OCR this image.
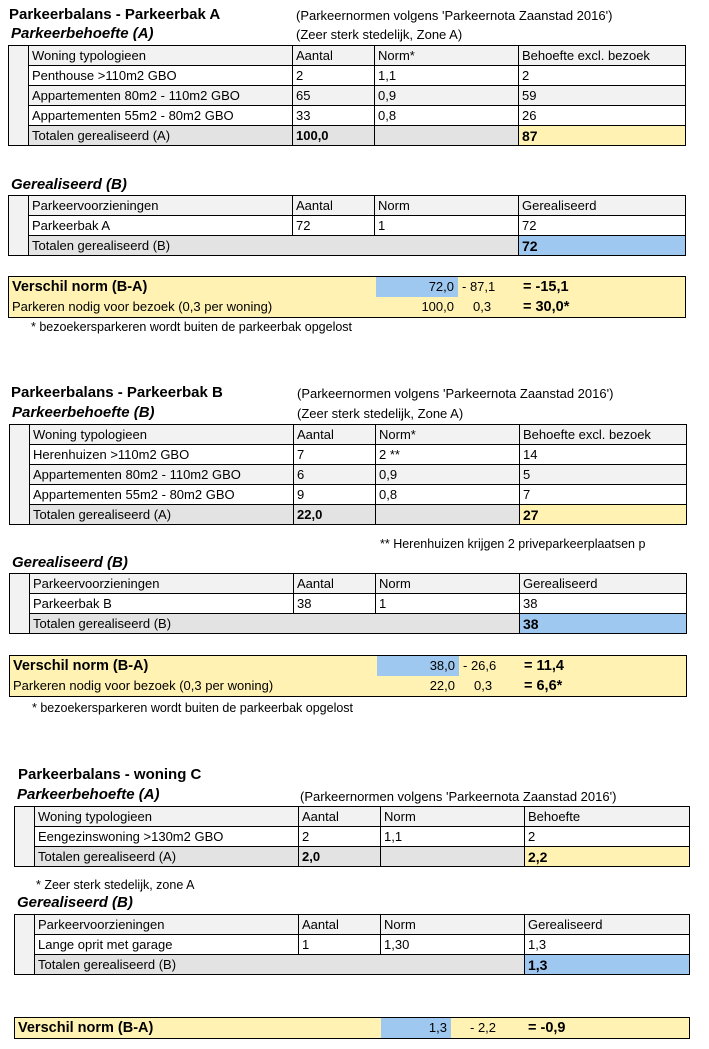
Parkeerbalans - Parkeerbak A	(Parkeernormen volgens 'Parkeernota Zaanstad 2016')
Parkeerbehoefte (A)	(Zeer sterk stedelijk, Zone A)
	Woning typologieen	Aantal	Norm*	Behoefte excl. bezoek
	Penthouse >110m2 GBO	2	1,1	2
	Appartementen 80m2 - 110m2 GBO	65	0,9	59
	Appartementen 55m2 - 80m2 GBO	33	0,8	26
	Totalen gerealiseerd (A)	100,0		87
Gerealiseerd (B)
	Parkeervoorzieningen	Aantal	Norm	Gerealiseerd
	Parkeerbak A	72	1	72
	Totalen gerealiseerd (B)			72
Verschil norm (B-A)	72,0 - 87,1 = -15,1
Parkeren nodig voor bezoek (0,3 per woning)	100,0	0,3 = 30,0*
* bezoekersparkeren wordt buiten de parkeerbak opgelost
Parkeerbalans - Parkeerbak B	(Parkeernormen volgens 'Parkeernota Zaanstad 2016')
Parkeerbehoefte (B)	(Zeer sterk stedelijk, Zone A)
	Woning typologieen	Aantal	Norm*	Behoefte excl. bezoek
	Herenhuizen >110m2 GBO	7	2 **	14
	Appartementen 80m2 - 110m2 GBO	6	0,9	5
	Appartementen 55m2 - 80m2 GBO	9	0,8	7
	Totalen gerealiseerd (A)	22,0		27
** Herenhuizen krijgen 2 priveparkeerplaatsen p
Gerealiseerd (B)
	Parkeervoorzieningen	Aantal	Norm	Gerealiseerd
	Parkeerbak B	38	1	38
	Totalen gerealiseerd (B)			38
Verschil norm (B-A)	38,0 - 26,6 = 11,4
Parkeren nodig voor bezoek (0,3 per woning)	22,0	0,3 = 6,6*
* bezoekersparkeren wordt buiten de parkeerbak opgelost
Parkeerbalans - woning C
Parkeerbehoefte (A)	(Parkeernormen volgens 'Parkeernota Zaanstad 2016')
	Woning typologieen	Aantal	Norm	Behoefte
	Eengezinswoning >130m2 GBO	2	1,1	2
	Totalen gerealiseerd (A)	2,0		2,2
* Zeer sterk stedelijk, zone A
Gerealiseerd (B)
	Parkeervoorzieningen	Aantal	Norm	Gerealiseerd
	Lange oprit met garage	1	1,30	1,3
	Totalen gerealiseerd (B)			1,3
Verschil norm (B-A)	1,3	- 2,2 = -0,9
